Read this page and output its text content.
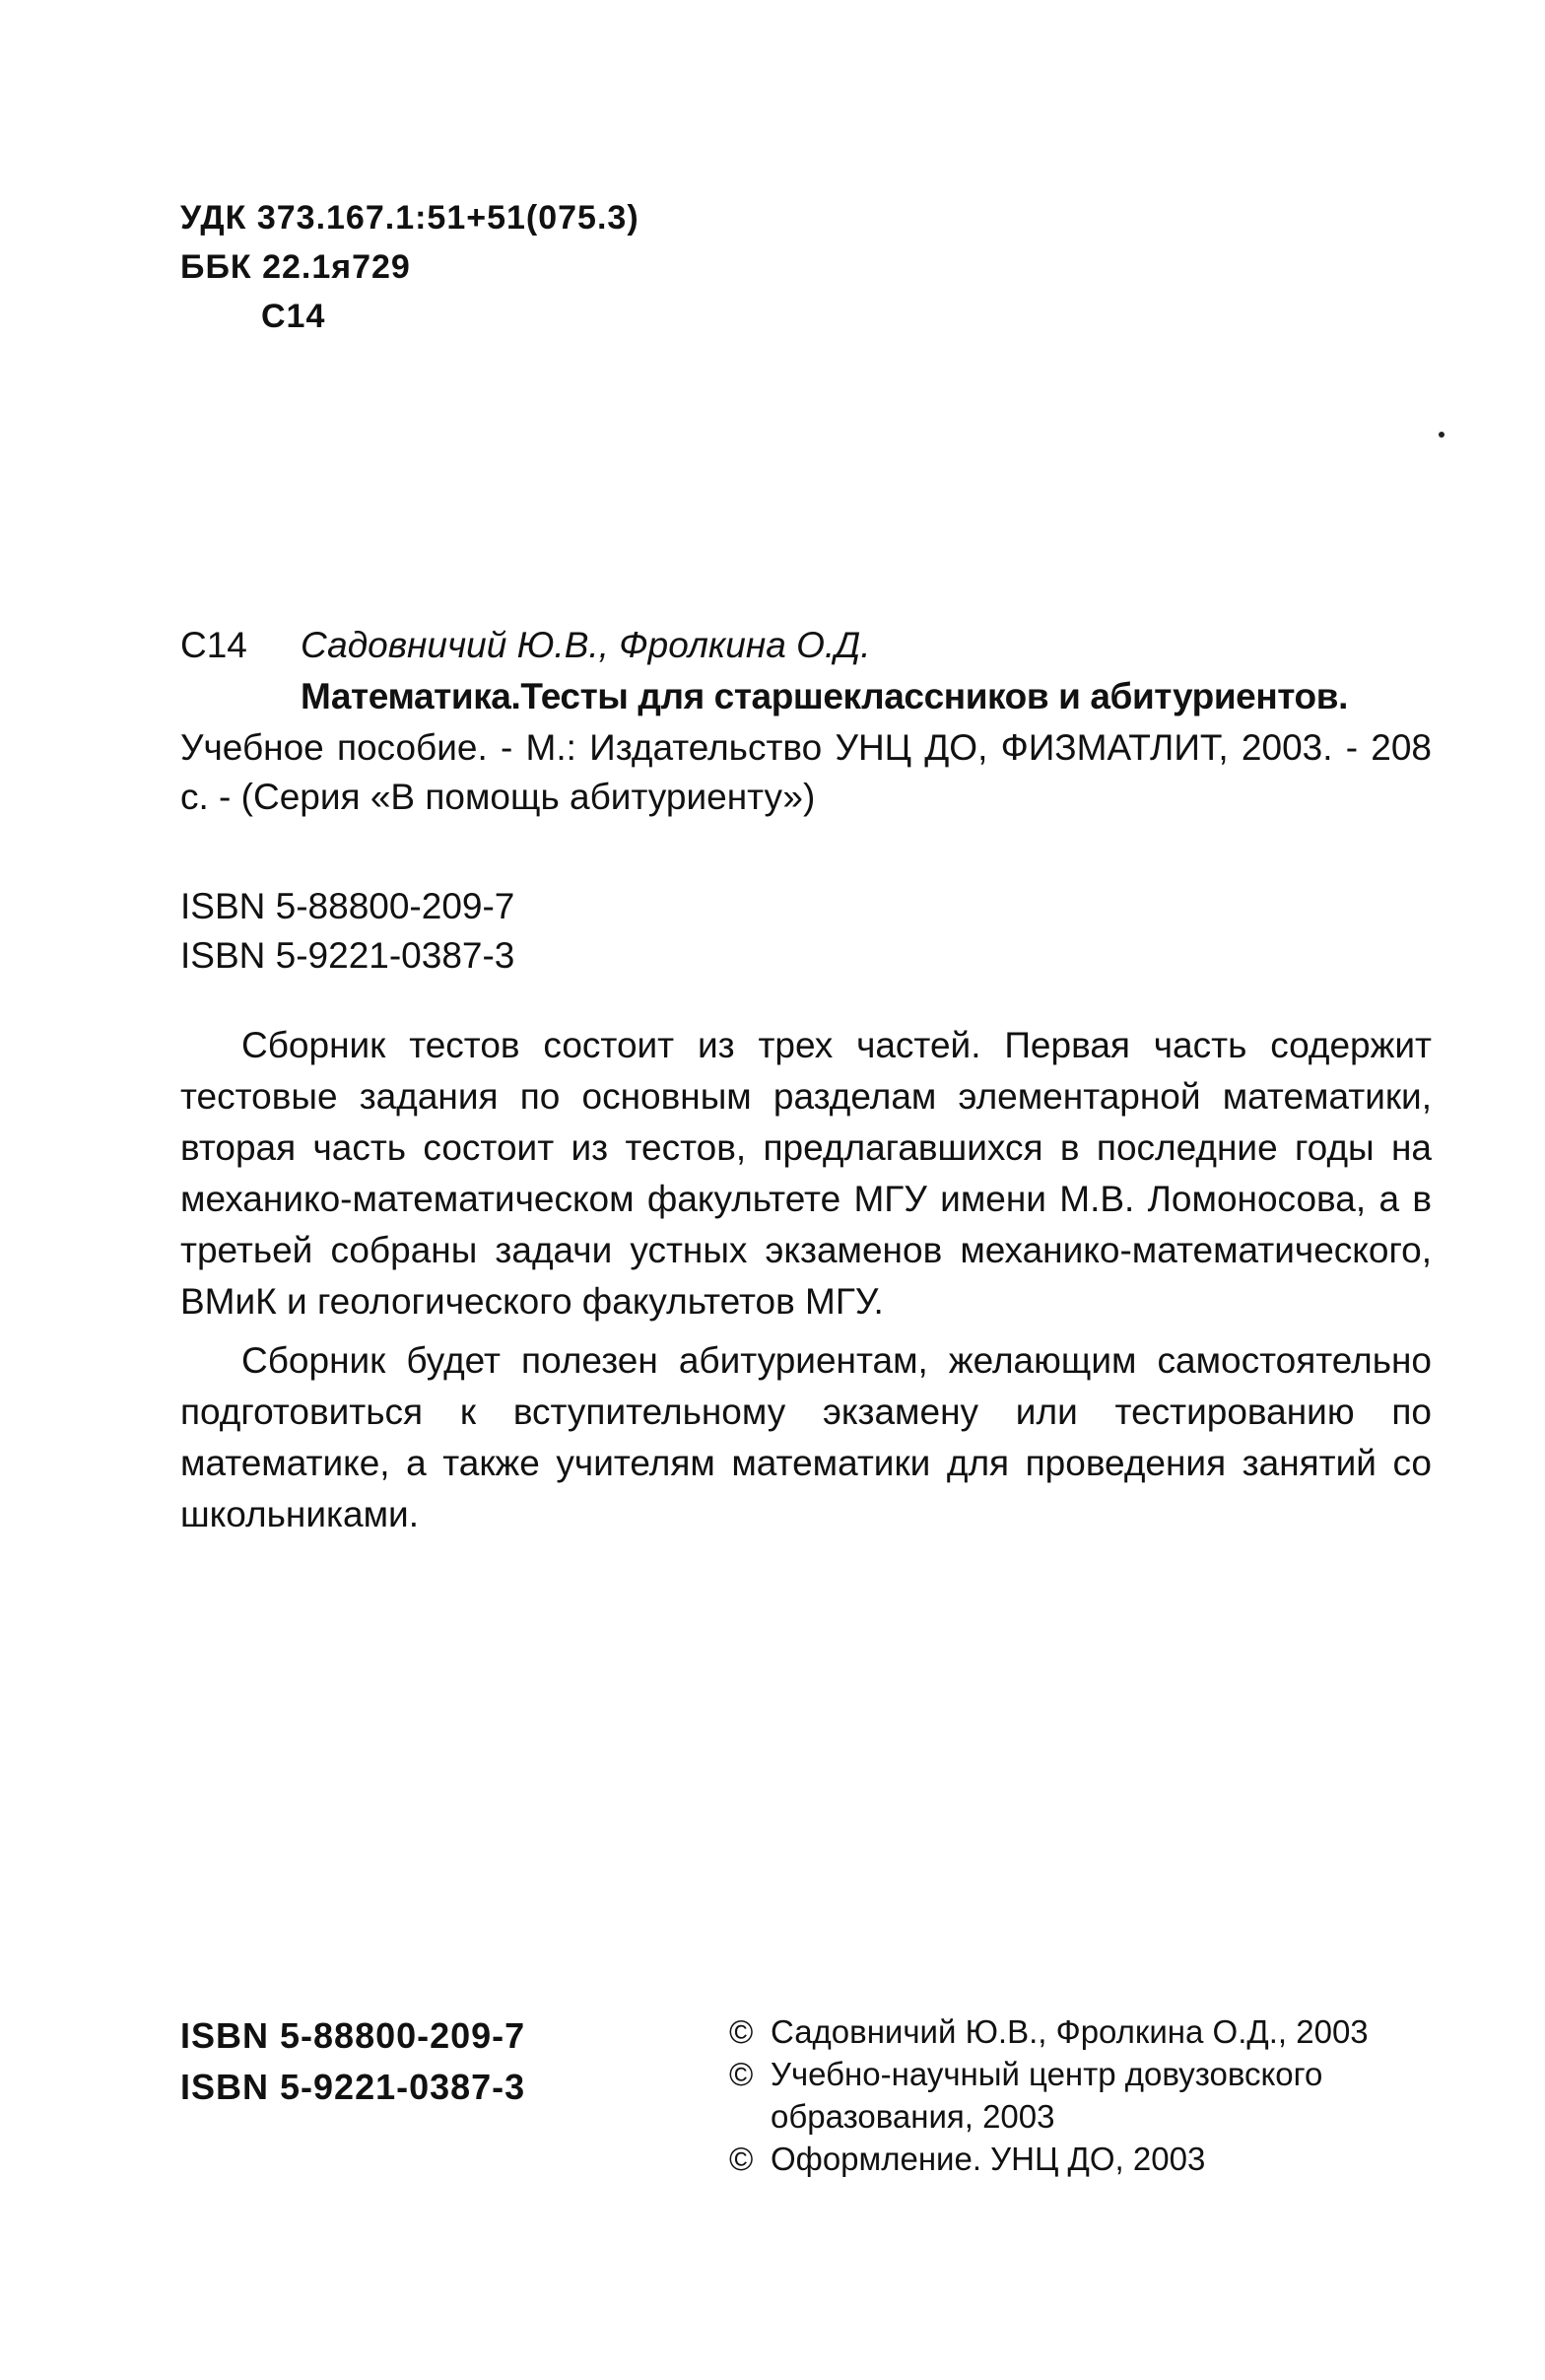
УДК 373.167.1:51+51(075.3)
ББК 22.1я729
С14
С14 Садовничий Ю.В., Фролкина О.Д.
Математика.Тесты для старшеклассников и абитуриентов.
Учебное пособие. - М.: Издательство УНЦ ДО, ФИЗМАТЛИТ, 2003. - 208 с. - (Серия «В помощь абитуриенту»)
ISBN 5-88800-209-7
ISBN 5-9221-0387-3

Сборник тестов состоит из трех частей. Первая часть содержит тестовые задания по основным разделам элементарной математики, вторая часть состоит из тестов, предлагавшихся в последние годы на механико-математическом факультете МГУ имени М.В. Ломоносова, а в третьей собраны задачи устных экзаменов механико-математического, ВМиК и геологического факультетов МГУ.

Сборник будет полезен абитуриентам, желающим самостоятельно подготовиться к вступительному экзамену или тестированию по математике, а также учителям математики для проведения занятий со школьниками.

ISBN 5-88800-209-7
ISBN 5-9221-0387-3
© Садовничий Ю.В., Фролкина О.Д., 2003
© Учебно-научный центр довузовского образования, 2003
© Оформление. УНЦ ДО, 2003
